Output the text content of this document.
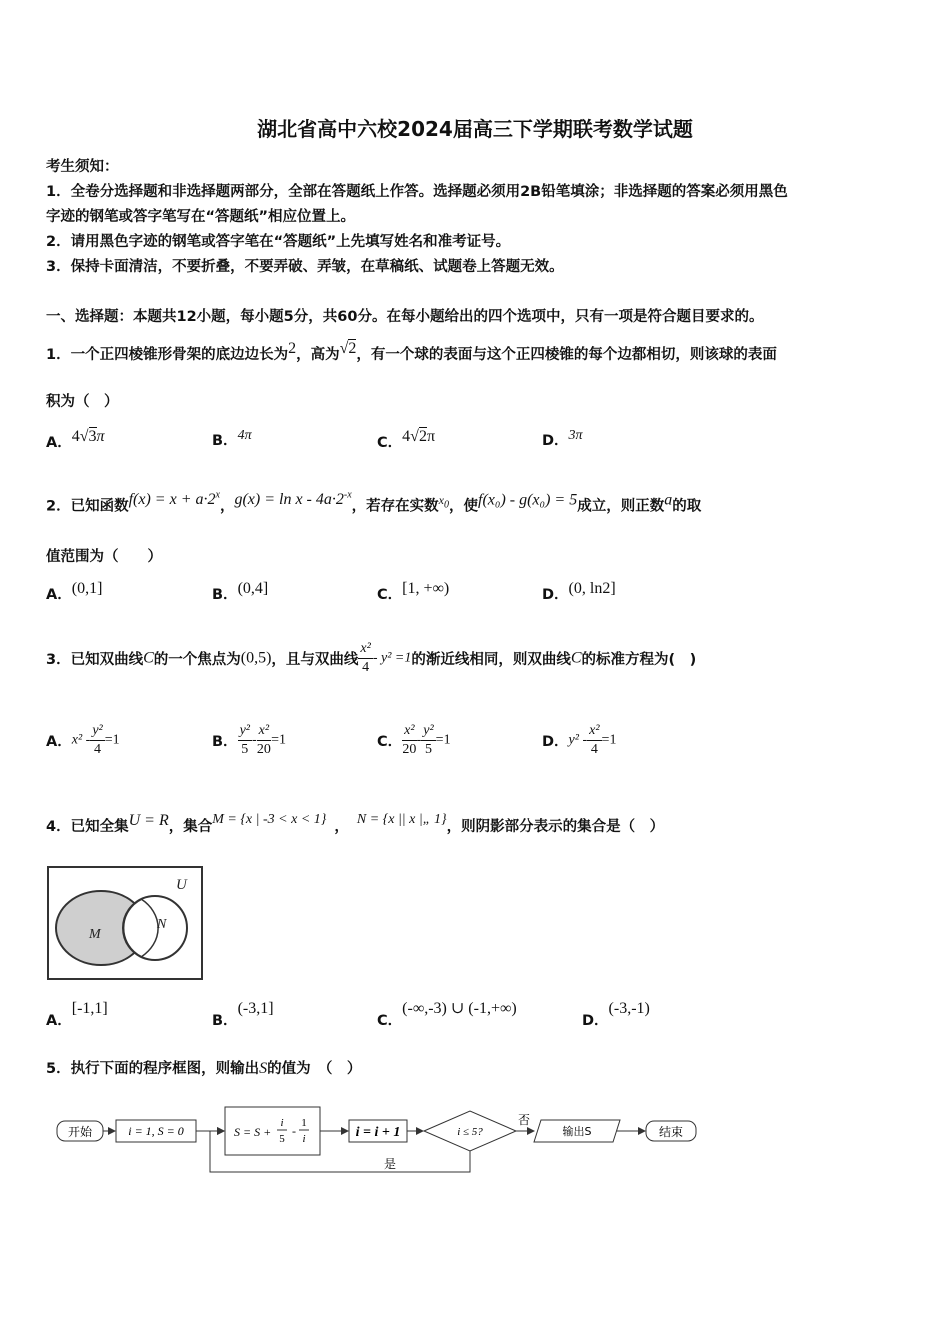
湖北省高中六校2024届高三下学期联考数学试题
考生须知：
1．全卷分选择题和非选择题两部分，全部在答题纸上作答。选择题必须用2B铅笔填涂；非选择题的答案必须用黑色
字迹的钢笔或答字笔写在“答题纸”相应位置上。
2．请用黑色字迹的钢笔或答字笔在“答题纸”上先填写姓名和准考证号。
3．保持卡面清洁，不要折叠，不要弄破、弄皱，在草稿纸、试题卷上答题无效。
一、选择题：本题共12小题，每小题5分，共60分。在每小题给出的四个选项中，只有一项是符合题目要求的。
1．一个正四棱锥形骨架的底边边长为2，高为√2，有一个球的表面与这个正四棱锥的每个边都相切，则该球的表面
积为（　）
A．4√3π	B．4π	C．4√2π	D．3π
2．已知函数$f(x) = x + a\cdot 2^x$，$g(x) = \ln x - 4a\cdot 2^{-x}$，若存在实数$^{x_0}$，使f(x₀) - g(x₀) = 5成立，则正数a的取
值范围为（　　）
A．(0,1]	B．(0,4]	C．[1, +∞)	D．(0, ln2]
3．已知双曲线C的一个焦点为(0,5)，且与双曲线 $\frac{\text{x²}}{4} - y^2 =1$的渐近线相同，则双曲线C的标准方程为(　)
A．$x^2 - \frac{\text{y²}}{4} =1$	B． $\frac{\text{y²}}{5} - \frac{\text{x²}}{20} =1$	C． $\frac{\text{x²}}{20} - \frac{\text{y²}}{5} =1$	D．$y^2 - \frac{\text{x²}}{4} =1$
4．已知全集U = R，集合M = {x | -3 < x < 1} ， N = {x || x |„ 1}，则阴影部分表示的集合是（　）
U
M
N
A．[-1,1]
B．(-3,1]
C．(-∞,-3) ∪ (-1,+∞)
D．(-3,-1)
5．执行下面的程序框图，则输出S的值为　（　）
开始	i = 1, S = 0	S = S +
i
5
-
1
i	i = i + 1	i ≤ 5?
否
输出S	结束
是
